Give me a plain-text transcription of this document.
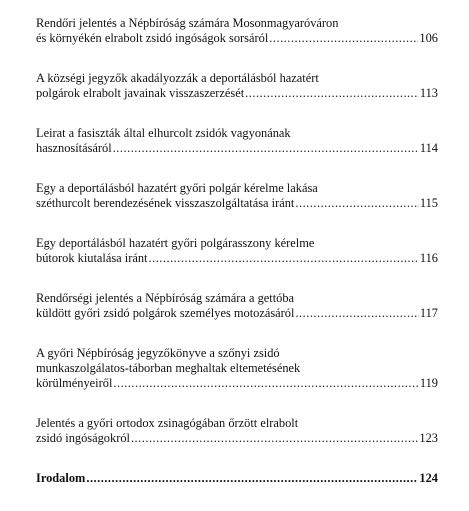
Rendőri jelentés a Népbíróság számára Mosonmagyaróváron
és környékén elrabolt zsidó ingóságok sorsáról .....	106
A községi jegyzők akadályozzák a deportálásból hazatért
polgárok elrabolt javainak visszaszerzését .....	113
Leirat a fasiszták által elhurcolt zsidók vagyonának
hasznosításáról .....	114
Egy a deportálásból hazatért győri polgár kérelme lakása
széthurcolt berendezésének visszaszolgáltatása iránt .....	115
Egy deportálásból hazatért győri polgárasszony kérelme
bútorok kiutalása iránt .....	116
Rendőrségi jelentés a Népbíróság számára a gettóba
küldött győri zsidó polgárok személyes motozásáról .....	117
A győri Népbíróság jegyzőkönyve a szőnyi zsidó
munkaszolgálatos-táborban meghaltak eltemetésének
körülményeiről .....	119
Jelentés a győri ortodox zsinagógában őrzött elrabolt
zsidó ingóságokról .....	123
Irodalom .....	124
